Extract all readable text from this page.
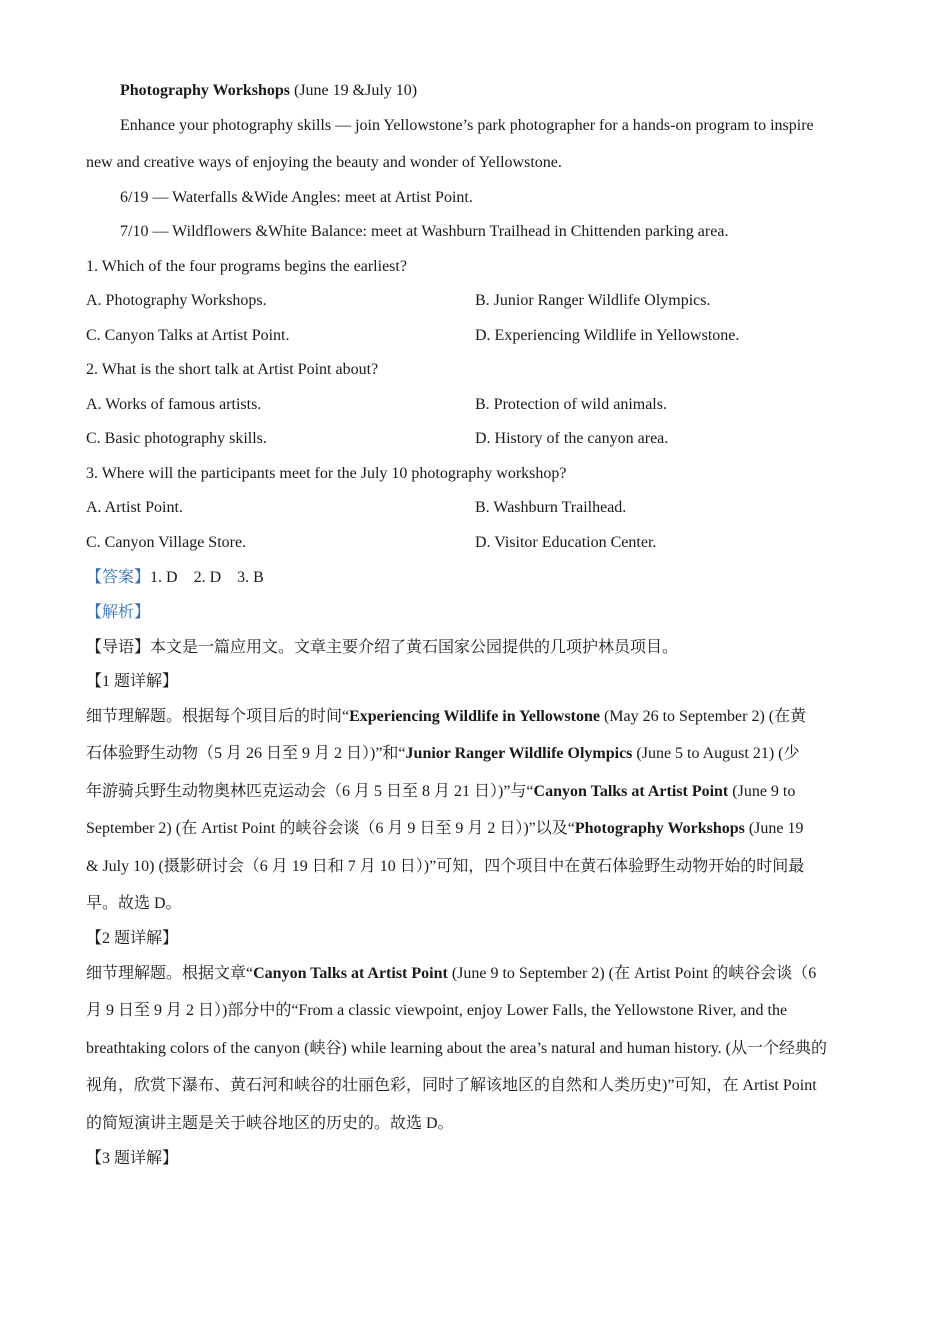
Photography Workshops (June 19 &July 10)
Enhance your photography skills — join Yellowstone’s park photographer for a hands-on program to inspire
new and creative ways of enjoying the beauty and wonder of Yellowstone.
6/19 — Waterfalls &Wide Angles: meet at Artist Point.
7/10 — Wildflowers &White Balance: meet at Washburn Trailhead in Chittenden parking area.
1. Which of the four programs begins the earliest?
A. Photography Workshops.	B. Junior Ranger Wildlife Olympics.
C. Canyon Talks at Artist Point.	D. Experiencing Wildlife in Yellowstone.
2. What is the short talk at Artist Point about?
A. Works of famous artists.	B. Protection of wild animals.
C. Basic photography skills.	D. History of the canyon area.
3. Where will the participants meet for the July 10 photography workshop?
A. Artist Point.	B. Washburn Trailhead.
C. Canyon Village Store.	D. Visitor Education Center.
【答案】1. D    2. D    3. B
【解析】
【导语】本文是一篇应用文。文章主要介绍了黄石国家公园提供的几项护林员项目。
【1 题详解】
细节理解题。根据每个项目后的时间“Experiencing Wildlife in Yellowstone (May 26 to September 2) (在黄
石体验野生动物（5 月 26 日至 9 月 2 日）)”和“Junior Ranger Wildlife Olympics (June 5 to August 21) (少
年游骑兵野生动物奥林匹克运动会（6 月 5 日至 8 月 21 日）)”与“Canyon Talks at Artist Point (June 9 to
September 2) (在 Artist Point 的峡谷会谈（6 月 9 日至 9 月 2 日）)”以及“Photography Workshops (June 19
& July 10) (摄影研讨会（6 月 19 日和 7 月 10 日）)”可知，四个项目中在黄石体验野生动物开始的时间最
早。故选 D。
【2 题详解】
细节理解题。根据文章“Canyon Talks at Artist Point (June 9 to September 2) (在 Artist Point 的峡谷会谈（6
月 9 日至 9 月 2 日）)部分中的“From a classic viewpoint, enjoy Lower Falls, the Yellowstone River, and the
breathtaking colors of the canyon (峡谷) while learning about the area’s natural and human history. (从一个经典的
视角，欣赏下瀑布、黄石河和峡谷的壮丽色彩，同时了解该地区的自然和人类历史)”可知，在 Artist Point
的简短演讲主题是关于峡谷地区的历史的。故选 D。
【3 题详解】
